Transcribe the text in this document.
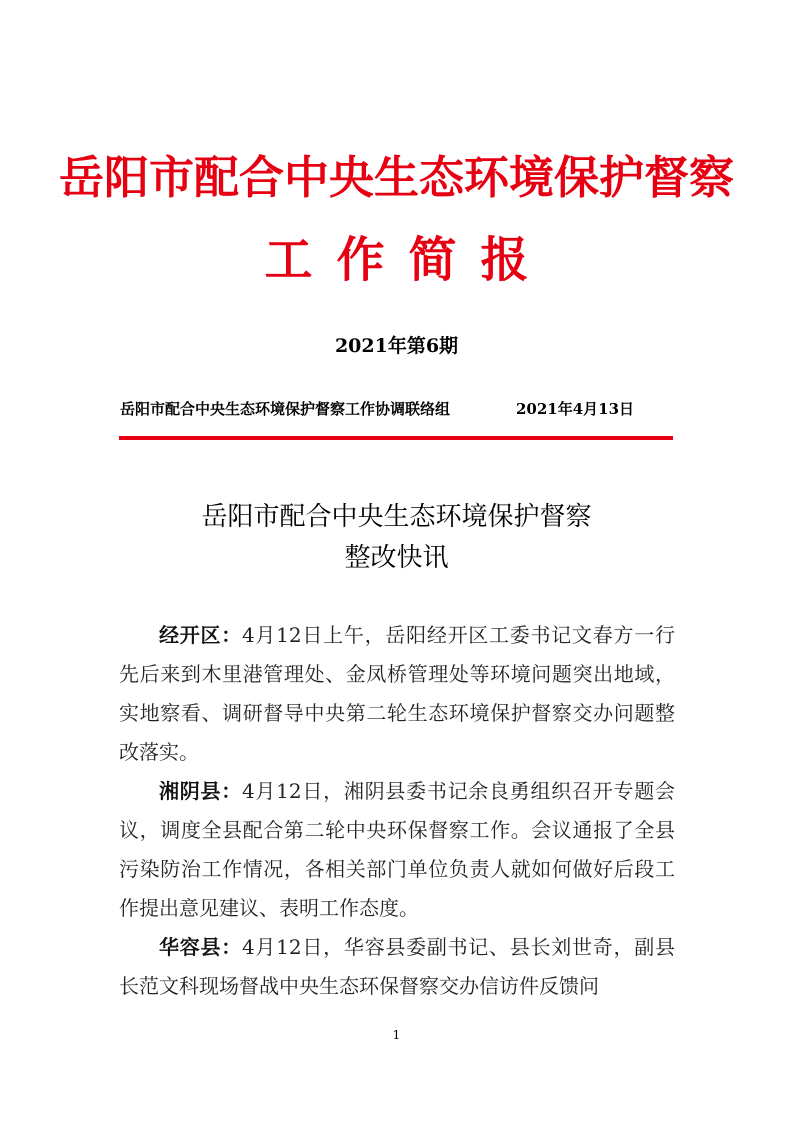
岳阳市配合中央生态环境保护督察
工作简报
2021年第6期
岳阳市配合中央生态环境保护督察工作协调联络组	2021年4月13日
岳阳市配合中央生态环境保护督察
整改快讯

经开区：4月12日上午，岳阳经开区工委书记文春方一行先后来到木里港管理处、金凤桥管理处等环境问题突出地域，实地察看、调研督导中央第二轮生态环境保护督察交办问题整改落实。

湘阴县：4月12日，湘阴县委书记余良勇组织召开专题会议，调度全县配合第二轮中央环保督察工作。会议通报了全县污染防治工作情况，各相关部门单位负责人就如何做好后段工作提出意见建议、表明工作态度。

华容县：4月12日，华容县委副书记、县长刘世奇，副县长范文科现场督战中央生态环保督察交办信访件反馈问

1
